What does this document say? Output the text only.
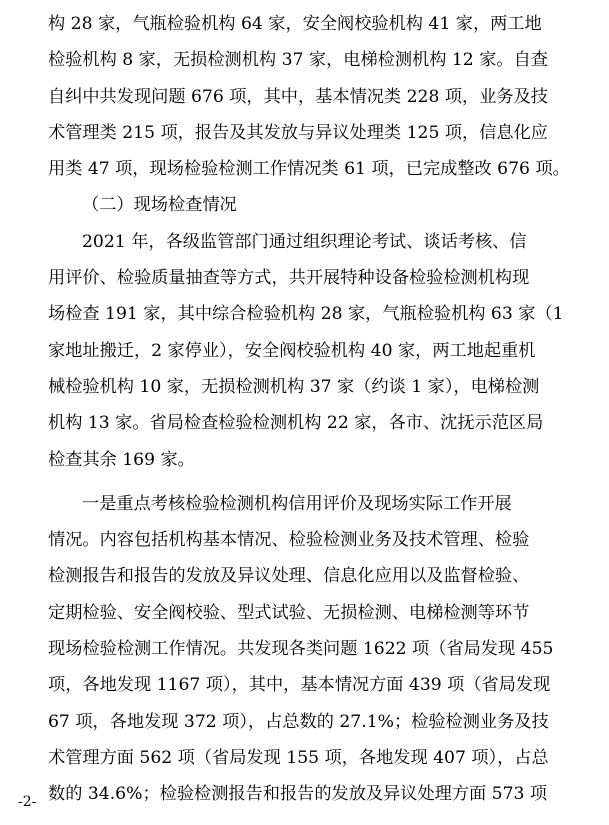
构 28 家，气瓶检验机构 64 家，安全阀校验机构 41 家，两工地
检验机构 8 家，无损检测机构 37 家，电梯检测机构 12 家。自查
自纠中共发现问题 676 项，其中，基本情况类 228 项，业务及技
术管理类 215 项，报告及其发放与异议处理类 125 项，信息化应
用类 47 项，现场检验检测工作情况类 61 项，已完成整改 676 项。
（二）现场检查情况
2021 年，各级监管部门通过组织理论考试、谈话考核、信
用评价、检验质量抽查等方式，共开展特种设备检验检测机构现
场检查 191 家，其中综合检验机构 28 家，气瓶检验机构 63 家（1
家地址搬迁，2 家停业），安全阀校验机构 40 家，两工地起重机
械检验机构 10 家，无损检测机构 37 家（约谈 1 家），电梯检测
机构 13 家。省局检查检验检测机构 22 家，各市、沈抚示范区局
检查其余 169 家。
一是重点考核检验检测机构信用评价及现场实际工作开展
情况。内容包括机构基本情况、检验检测业务及技术管理、检验
检测报告和报告的发放及异议处理、信息化应用以及监督检验、
定期检验、安全阀校验、型式试验、无损检测、电梯检测等环节
现场检验检测工作情况。共发现各类问题 1622 项（省局发现 455
项，各地发现 1167 项），其中，基本情况方面 439 项（省局发现
67 项，各地发现 372 项），占总数的 27.1%；检验检测业务及技
术管理方面 562 项（省局发现 155 项，各地发现 407 项），占总
数的 34.6%；检验检测报告和报告的发放及异议处理方面 573 项
-2-
